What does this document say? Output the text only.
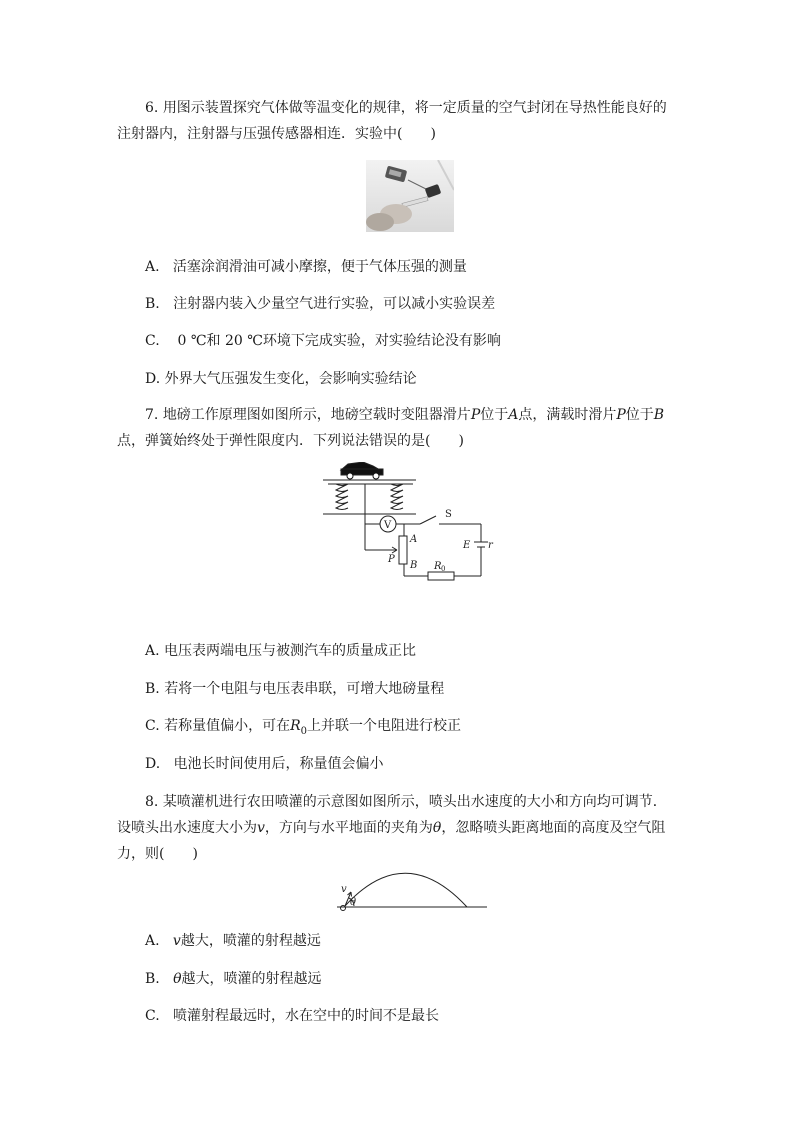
6. 用图示装置探究气体做等温变化的规律，将一定质量的空气封闭在导热性能良好的注射器内，注射器与压强传感器相连．实验中(　　)

A. 活塞涂润滑油可减小摩擦，便于气体压强的测量

B. 注射器内装入少量空气进行实验，可以减小实验误差

C. 0 ℃和 20 ℃环境下完成实验，对实验结论没有影响

D. 外界大气压强发生变化，会影响实验结论

7. 地磅工作原理图如图所示，地磅空载时变阻器滑片P位于A点，满载时滑片P位于B点，弹簧始终处于弹性限度内．下列说法错误的是(　　)

V
S
E r
A
B
P
R 0

A. 电压表两端电压与被测汽车的质量成正比

B. 若将一个电阻与电压表串联，可增大地磅量程

C. 若称量值偏小，可在$R_0$上并联一个电阻进行校正

D. 电池长时间使用后，称量值会偏小

8. 某喷灌机进行农田喷灌的示意图如图所示，喷头出水速度的大小和方向均可调节．设喷头出水速度大小为v，方向与水平地面的夹角为θ，忽略喷头距离地面的高度及空气阻力，则(　　)

v
θ

A. v越大，喷灌的射程越远

B. θ越大，喷灌的射程越远

C. 喷灌射程最远时，水在空中的时间不是最长
